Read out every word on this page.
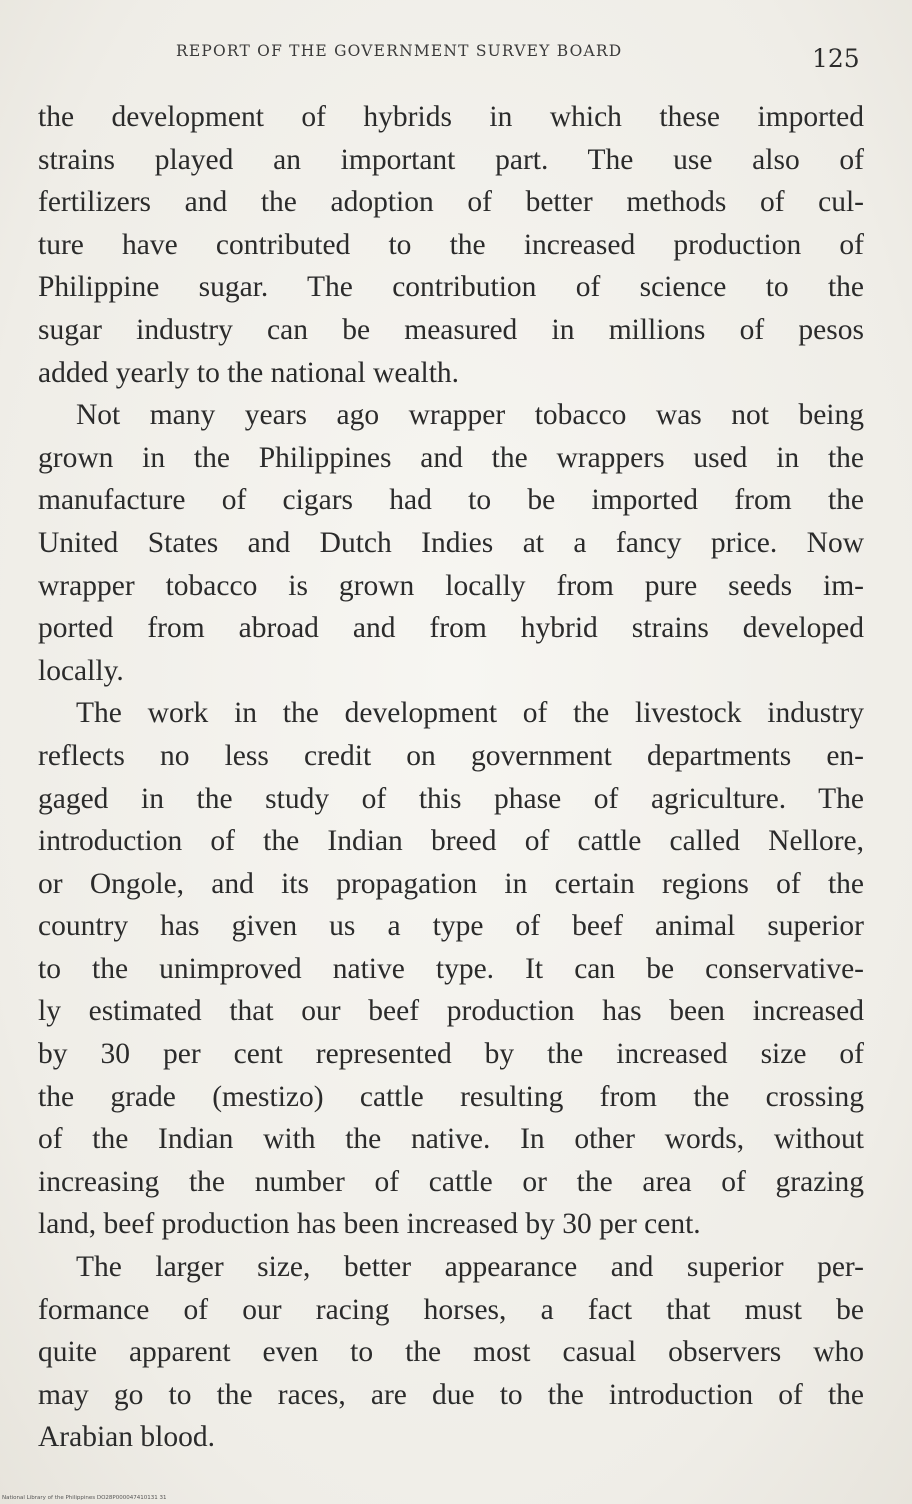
REPORT OF THE GOVERNMENT SURVEY BOARD	125
the development of hybrids in which these imported
strains played an important part. The use also of
fertilizers and the adoption of better methods of cul-
ture have contributed to the increased production of
Philippine sugar. The contribution of science to the
sugar industry can be measured in millions of pesos
added yearly to the national wealth.
Not many years ago wrapper tobacco was not being
grown in the Philippines and the wrappers used in the
manufacture of cigars had to be imported from the
United States and Dutch Indies at a fancy price. Now
wrapper tobacco is grown locally from pure seeds im-
ported from abroad and from hybrid strains developed
locally.
The work in the development of the livestock industry
reflects no less credit on government departments en-
gaged in the study of this phase of agriculture. The
introduction of the Indian breed of cattle called Nellore,
or Ongole, and its propagation in certain regions of the
country has given us a type of beef animal superior
to the unimproved native type. It can be conservative-
ly estimated that our beef production has been increased
by 30 per cent represented by the increased size of
the grade (mestizo) cattle resulting from the crossing
of the Indian with the native. In other words, without
increasing the number of cattle or the area of grazing
land, beef production has been increased by 30 per cent.
The larger size, better appearance and superior per-
formance of our racing horses, a fact that must be
quite apparent even to the most casual observers who
may go to the races, are due to the introduction of the
Arabian blood.
National Library of the Philippines DO28P000047410131 31
